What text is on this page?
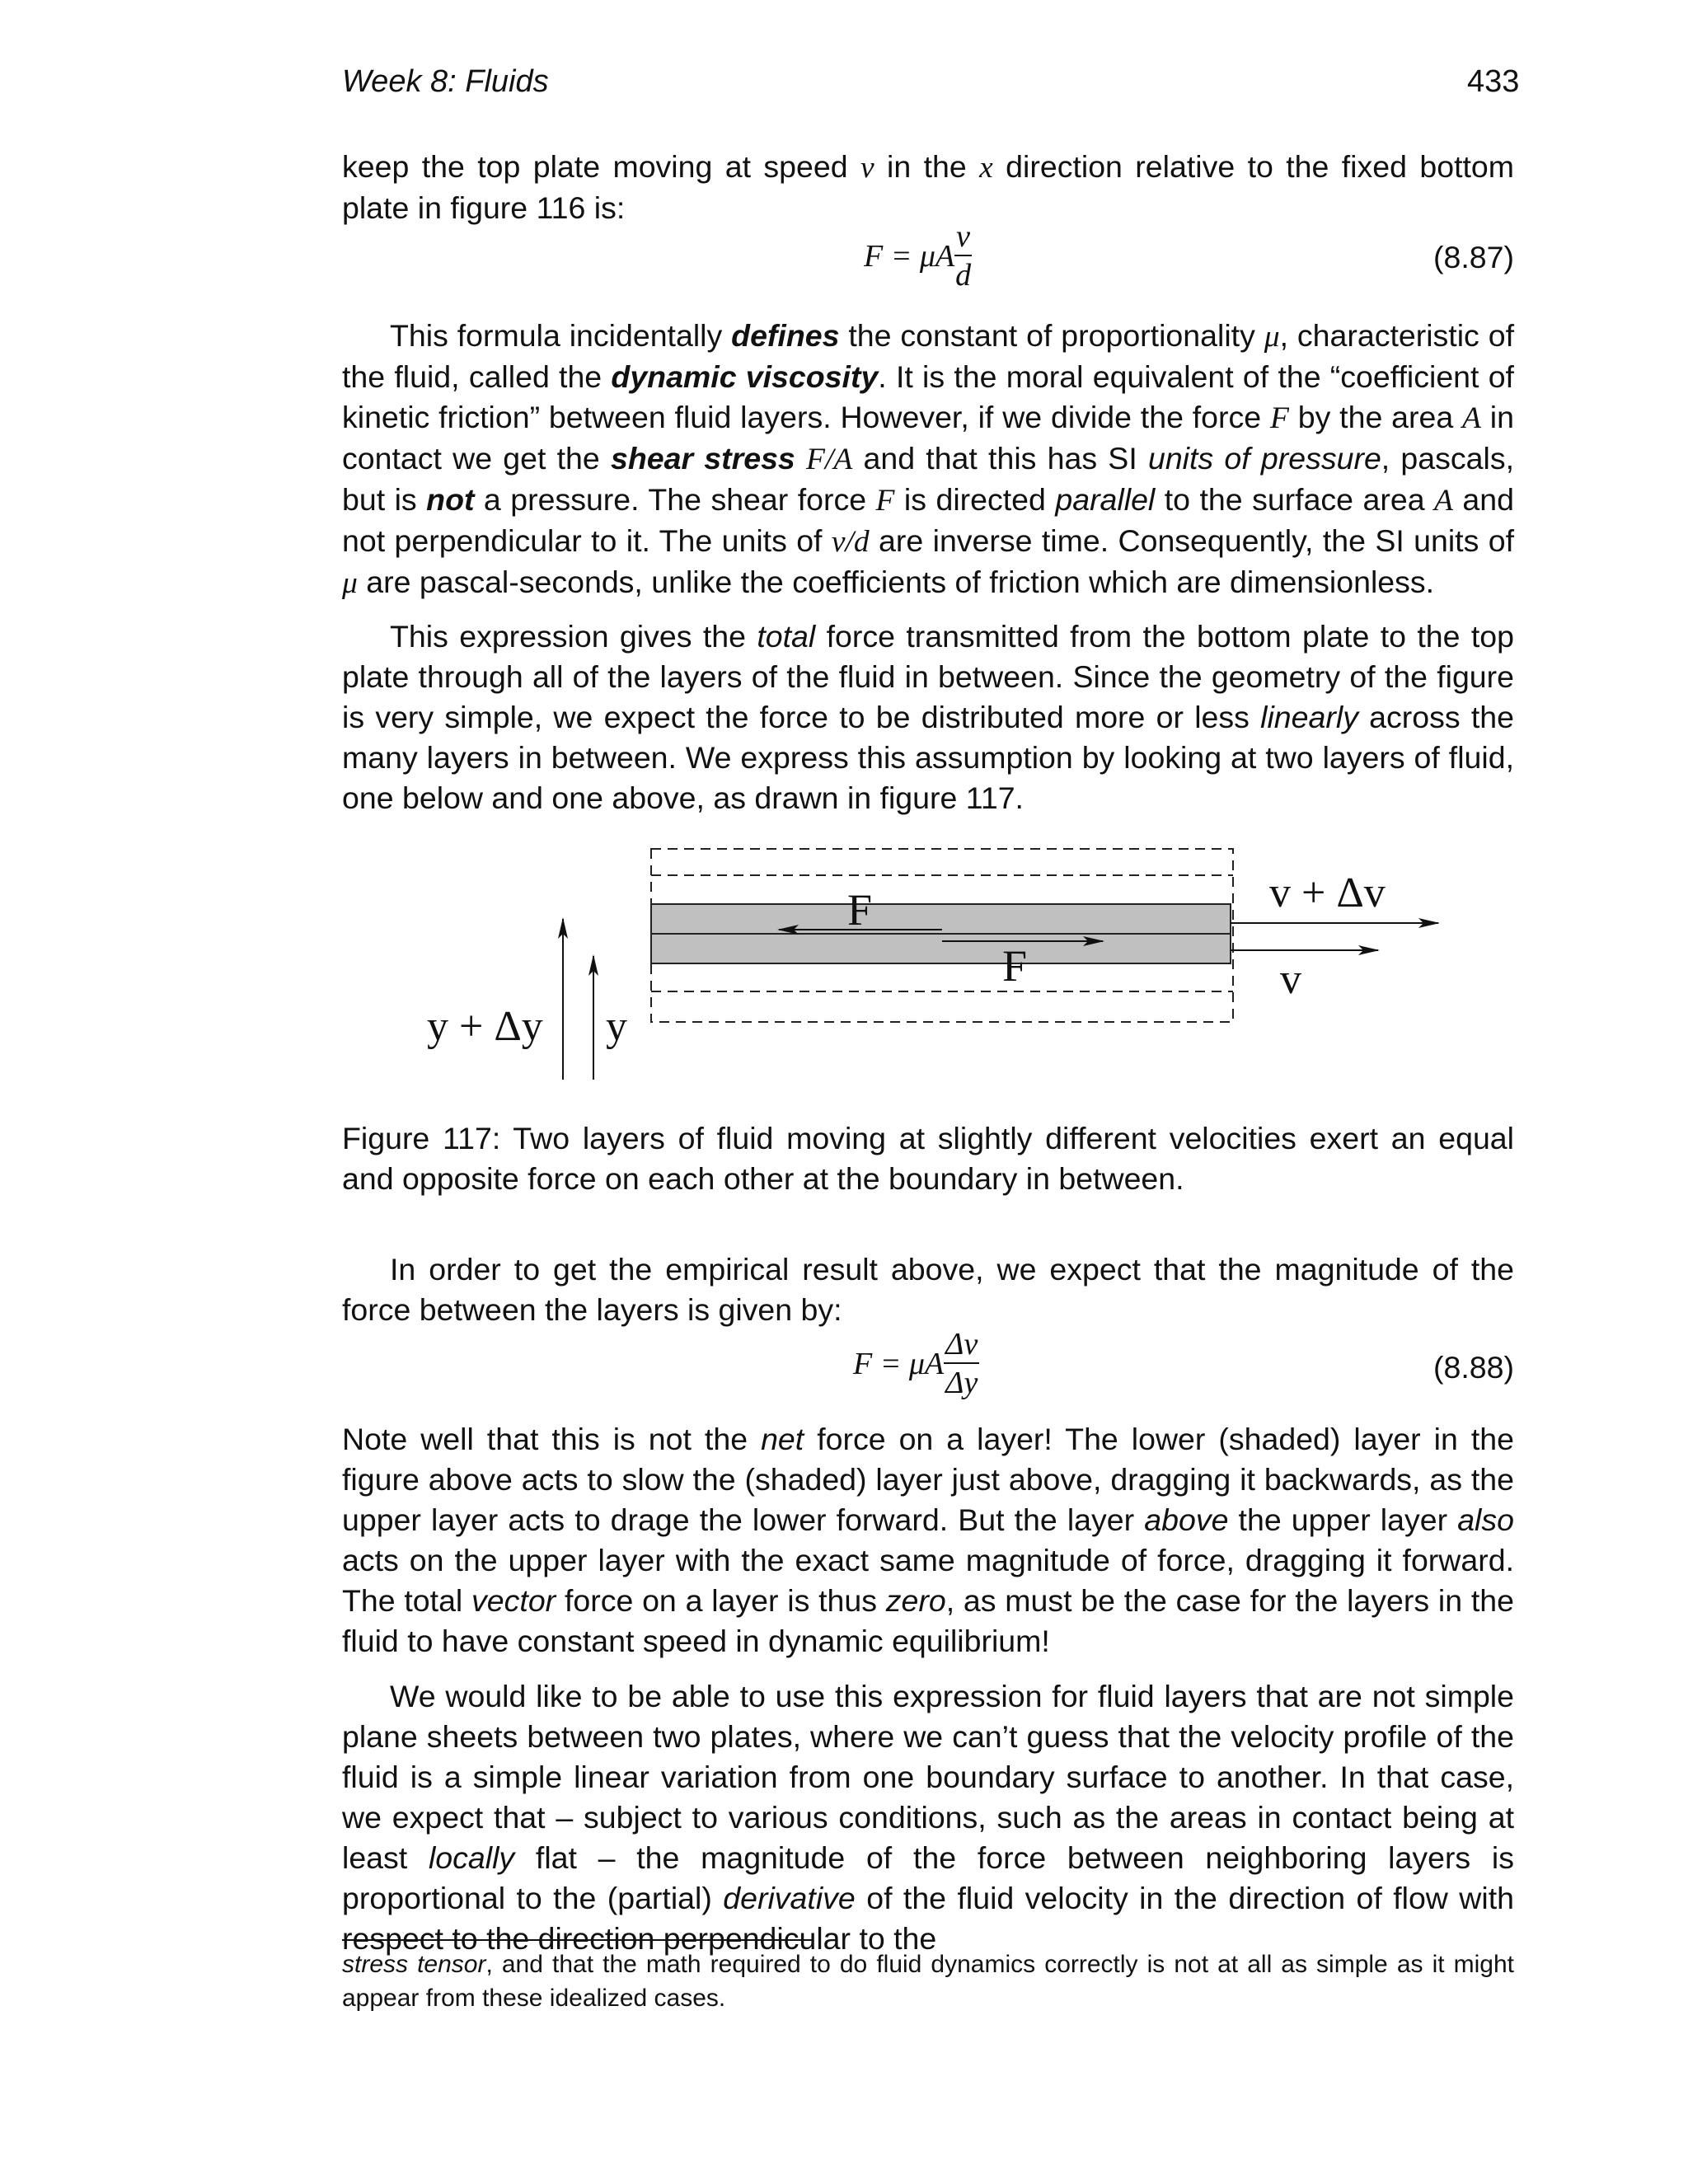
Week 8: Fluids	433

keep the top plate moving at speed v in the x direction relative to the fixed bottom plate in figure 116 is:

F = μA $\frac{v}{d}$	(8.87)

This formula incidentally defines the constant of proportionality μ, characteristic of the fluid, called the dynamic viscosity. It is the moral equivalent of the “coefficient of kinetic friction” between fluid layers. However, if we divide the force F by the area A in contact we get the shear stress F/A and that this has SI units of pressure, pascals, but is not a pressure. The shear force F is directed parallel to the surface area A and not perpendicular to it. The units of v/d are inverse time. Consequently, the SI units of μ are pascal-seconds, unlike the coefficients of friction which are dimensionless.

This expression gives the total force transmitted from the bottom plate to the top plate through all of the layers of the fluid in between. Since the geometry of the figure is very simple, we expect the force to be distributed more or less linearly across the many layers in between. We express this assumption by looking at two layers of fluid, one below and one above, as drawn in figure 117.

F
F
v + Δv
v
y + Δy y
Figure 117: Two layers of fluid moving at slightly different velocities exert an equal and opposite force on each other at the boundary in between.

In order to get the empirical result above, we expect that the magnitude of the force between the layers is given by:

F = μA $\frac{\Delta v}{\Delta y}$	(8.88)

Note well that this is not the net force on a layer! The lower (shaded) layer in the figure above acts to slow the (shaded) layer just above, dragging it backwards, as the upper layer acts to drage the lower forward. But the layer above the upper layer also acts on the upper layer with the exact same magnitude of force, dragging it forward. The total vector force on a layer is thus zero, as must be the case for the layers in the fluid to have constant speed in dynamic equilibrium!

We would like to be able to use this expression for fluid layers that are not simple plane sheets between two plates, where we can’t guess that the velocity profile of the fluid is a simple linear variation from one boundary surface to another. In that case, we expect that – subject to various conditions, such as the areas in contact being at least locally flat – the magnitude of the force between neighboring layers is proportional to the (partial) derivative of the fluid velocity in the direction of flow with respect to the direction perpendicular to the

stress tensor, and that the math required to do fluid dynamics correctly is not at all as simple as it might appear from these idealized cases.
